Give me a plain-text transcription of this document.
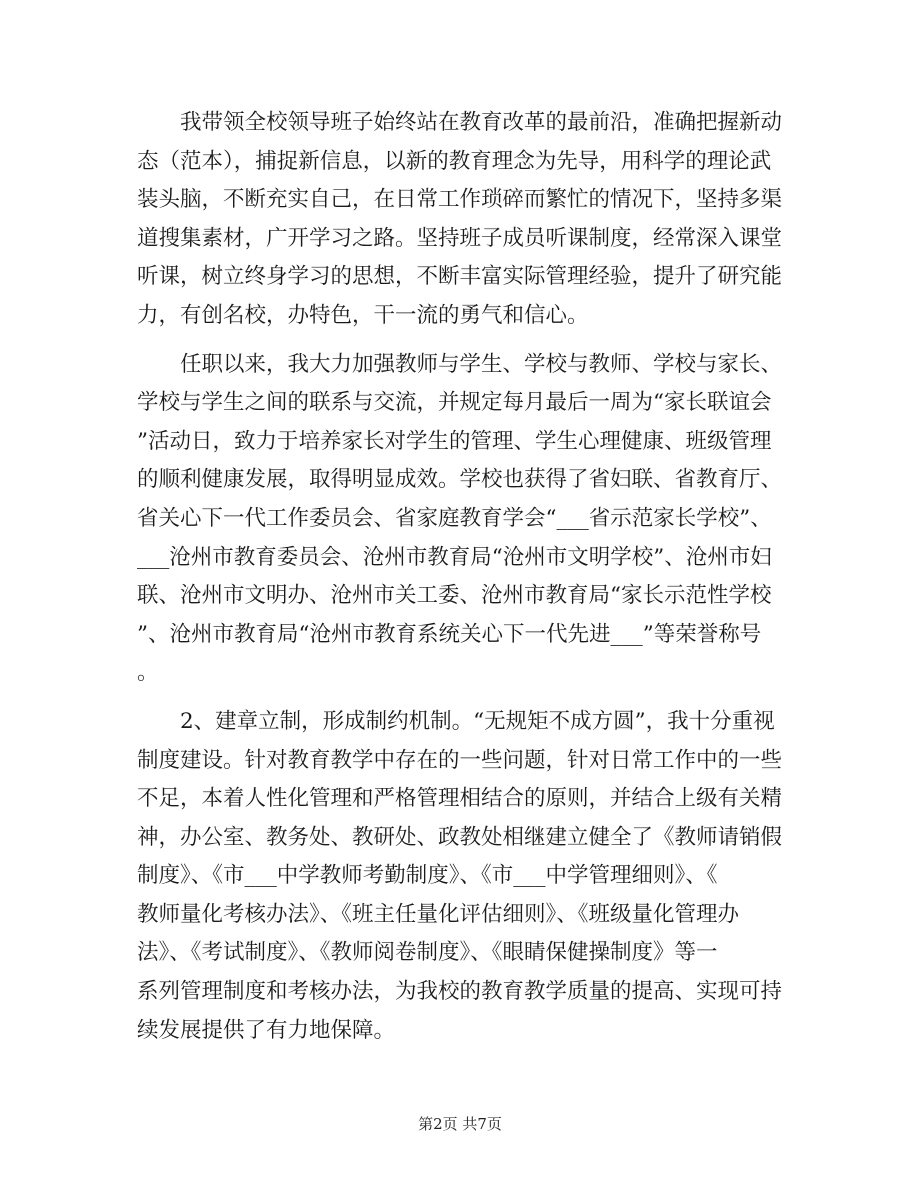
　　我带领全校领导班子始终站在教育改革的最前沿，准确把握新动
态（范本），捕捉新信息，以新的教育理念为先导，用科学的理论武
装头脑，不断充实自己，在日常工作琐碎而繁忙的情况下，坚持多渠
道搜集素材，广开学习之路。坚持班子成员听课制度，经常深入课堂
听课，树立终身学习的思想，不断丰富实际管理经验，提升了研究能
力，有创名校，办特色，干一流的勇气和信心。
　　任职以来，我大力加强教师与学生、学校与教师、学校与家长、
学校与学生之间的联系与交流，并规定每月最后一周为“家长联谊会
”活动日，致力于培养家长对学生的管理、学生心理健康、班级管理
的顺利健康发展，取得明显成效。学校也获得了省妇联、省教育厅、
省关心下一代工作委员会、省家庭教育学会“___省示范家长学校”、
___沧州市教育委员会、沧州市教育局“沧州市文明学校”、沧州市妇
联、沧州市文明办、沧州市关工委、沧州市教育局“家长示范性学校
”、沧州市教育局“沧州市教育系统关心下一代先进___”等荣誉称号
。
　　2、建章立制，形成制约机制。“无规矩不成方圆”，我十分重视
制度建设。针对教育教学中存在的一些问题，针对日常工作中的一些
不足，本着人性化管理和严格管理相结合的原则，并结合上级有关精
神，办公室、教务处、教研处、政教处相继建立健全了《教师请销假
制度》、《市___中学教师考勤制度》、《市___中学管理细则》、《
教师量化考核办法》、《班主任量化评估细则》、《班级量化管理办
法》、《考试制度》、《教师阅卷制度》、《眼睛保健操制度》等一
系列管理制度和考核办法，为我校的教育教学质量的提高、实现可持
续发展提供了有力地保障。
第2页 共7页
